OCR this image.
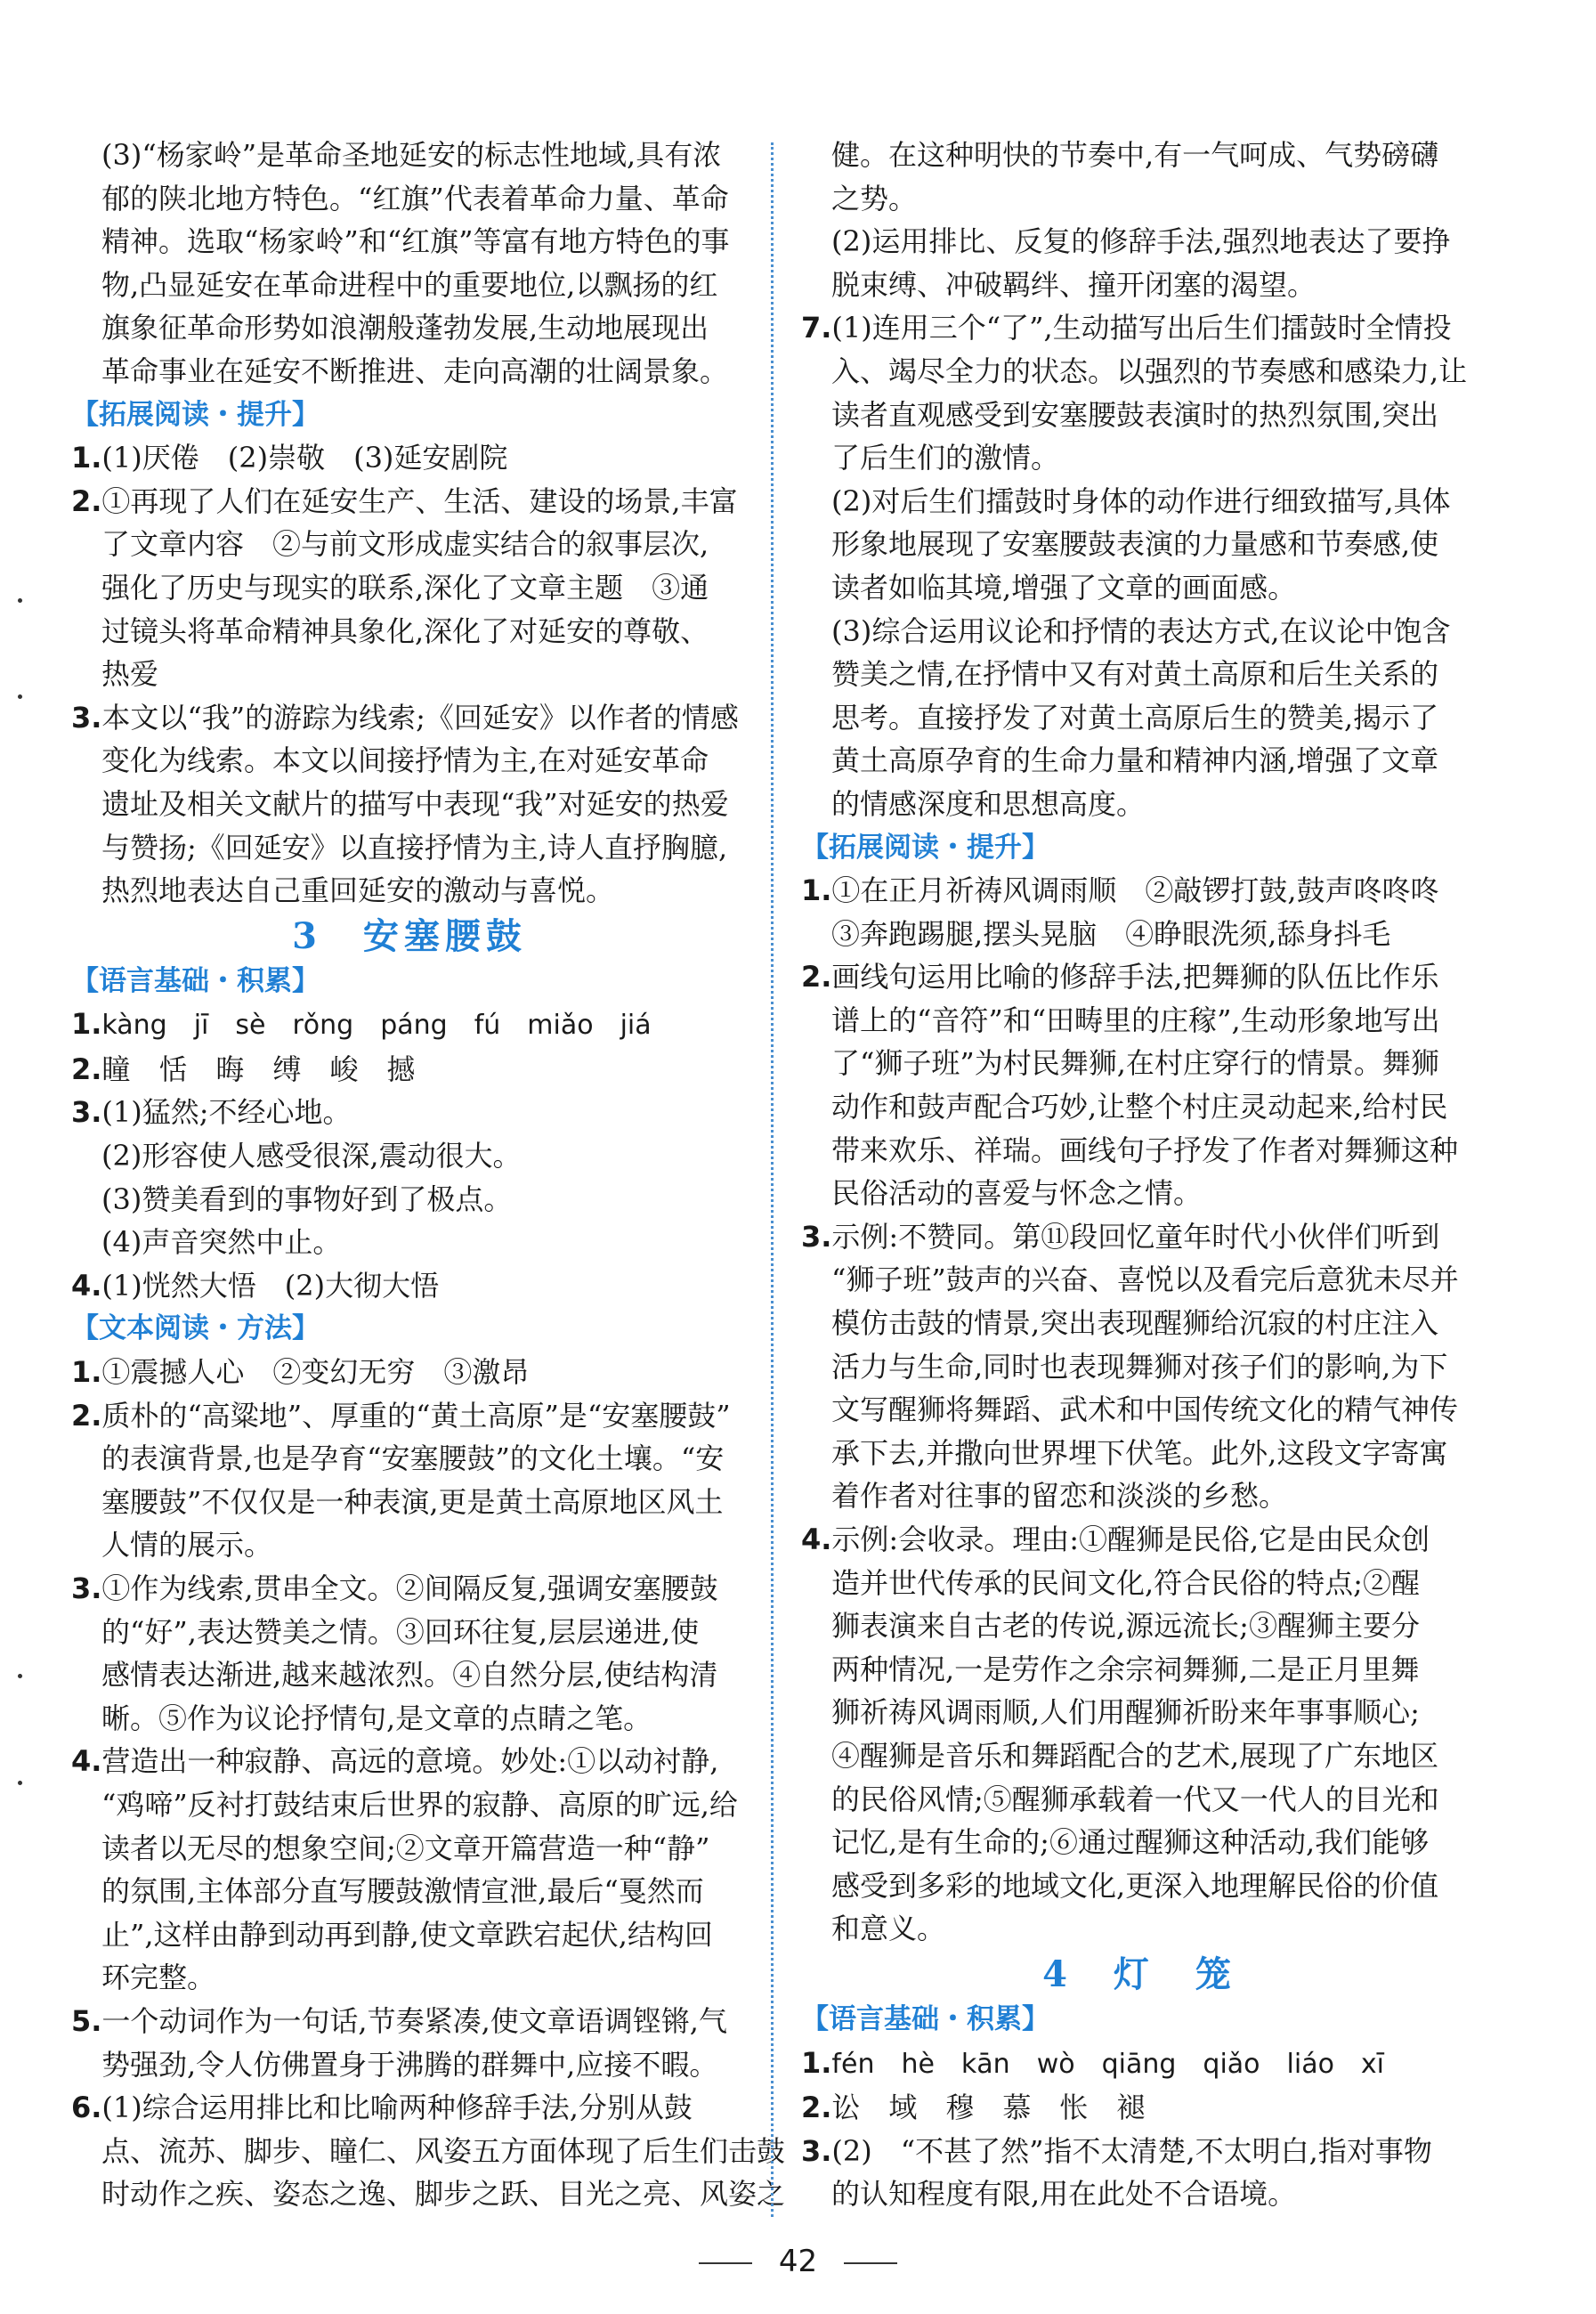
(3)“杨家岭”是革命圣地延安的标志性地域,具有浓
郁的陕北地方特色。“红旗”代表着革命力量、革命
精神。选取“杨家岭”和“红旗”等富有地方特色的事
物,凸显延安在革命进程中的重要地位,以飘扬的红
旗象征革命形势如浪潮般蓬勃发展,生动地展现出
革命事业在延安不断推进、走向高潮的壮阔景象。
【拓展阅读・提升】
1.(1)厌倦　(2)崇敬　(3)延安剧院
2.①再现了人们在延安生产、生活、建设的场景,丰富
了文章内容　②与前文形成虚实结合的叙事层次,
强化了历史与现实的联系,深化了文章主题　③通
过镜头将革命精神具象化,深化了对延安的尊敬、
热爱
3.本文以“我”的游踪为线索;《回延安》以作者的情感
变化为线索。本文以间接抒情为主,在对延安革命
遗址及相关文献片的描写中表现“我”对延安的热爱
与赞扬;《回延安》以直接抒情为主,诗人直抒胸臆,
热烈地表达自己重回延安的激动与喜悦。
3　安塞腰鼓
【语言基础・积累】
1.kàng　jī　sè　rǒng　páng　fú　miǎo　jiá
2.瞳　恬　晦　缚　峻　撼
3.(1)猛然;不经心地。
(2)形容使人感受很深,震动很大。
(3)赞美看到的事物好到了极点。
(4)声音突然中止。
4.(1)恍然大悟　(2)大彻大悟
【文本阅读・方法】
1.①震撼人心　②变幻无穷　③激昂
2.质朴的“高粱地”、厚重的“黄土高原”是“安塞腰鼓”
的表演背景,也是孕育“安塞腰鼓”的文化土壤。“安
塞腰鼓”不仅仅是一种表演,更是黄土高原地区风土
人情的展示。
3.①作为线索,贯串全文。②间隔反复,强调安塞腰鼓
的“好”,表达赞美之情。③回环往复,层层递进,使
感情表达渐进,越来越浓烈。④自然分层,使结构清
晰。⑤作为议论抒情句,是文章的点睛之笔。
4.营造出一种寂静、高远的意境。妙处:①以动衬静,
“鸡啼”反衬打鼓结束后世界的寂静、高原的旷远,给
读者以无尽的想象空间;②文章开篇营造一种“静”
的氛围,主体部分直写腰鼓激情宣泄,最后“戛然而
止”,这样由静到动再到静,使文章跌宕起伏,结构回
环完整。
5.一个动词作为一句话,节奏紧凑,使文章语调铿锵,气
势强劲,令人仿佛置身于沸腾的群舞中,应接不暇。
6.(1)综合运用排比和比喻两种修辞手法,分别从鼓
点、流苏、脚步、瞳仁、风姿五方面体现了后生们击鼓
时动作之疾、姿态之逸、脚步之跃、目光之亮、风姿之
健。在这种明快的节奏中,有一气呵成、气势磅礴
之势。
(2)运用排比、反复的修辞手法,强烈地表达了要挣
脱束缚、冲破羁绊、撞开闭塞的渴望。
7.(1)连用三个“了”,生动描写出后生们擂鼓时全情投
入、竭尽全力的状态。以强烈的节奏感和感染力,让
读者直观感受到安塞腰鼓表演时的热烈氛围,突出
了后生们的激情。
(2)对后生们擂鼓时身体的动作进行细致描写,具体
形象地展现了安塞腰鼓表演的力量感和节奏感,使
读者如临其境,增强了文章的画面感。
(3)综合运用议论和抒情的表达方式,在议论中饱含
赞美之情,在抒情中又有对黄土高原和后生关系的
思考。直接抒发了对黄土高原后生的赞美,揭示了
黄土高原孕育的生命力量和精神内涵,增强了文章
的情感深度和思想高度。
【拓展阅读・提升】
1.①在正月祈祷风调雨顺　②敲锣打鼓,鼓声咚咚咚
③奔跑踢腿,摆头晃脑　④睁眼洗须,舔身抖毛
2.画线句运用比喻的修辞手法,把舞狮的队伍比作乐
谱上的“音符”和“田畴里的庄稼”,生动形象地写出
了“狮子班”为村民舞狮,在村庄穿行的情景。舞狮
动作和鼓声配合巧妙,让整个村庄灵动起来,给村民
带来欢乐、祥瑞。画线句子抒发了作者对舞狮这种
民俗活动的喜爱与怀念之情。
3.示例:不赞同。第⑪段回忆童年时代小伙伴们听到
“狮子班”鼓声的兴奋、喜悦以及看完后意犹未尽并
模仿击鼓的情景,突出表现醒狮给沉寂的村庄注入
活力与生命,同时也表现舞狮对孩子们的影响,为下
文写醒狮将舞蹈、武术和中国传统文化的精气神传
承下去,并撒向世界埋下伏笔。此外,这段文字寄寓
着作者对往事的留恋和淡淡的乡愁。
4.示例:会收录。理由:①醒狮是民俗,它是由民众创
造并世代传承的民间文化,符合民俗的特点;②醒
狮表演来自古老的传说,源远流长;③醒狮主要分
两种情况,一是劳作之余宗祠舞狮,二是正月里舞
狮祈祷风调雨顺,人们用醒狮祈盼来年事事顺心;
④醒狮是音乐和舞蹈配合的艺术,展现了广东地区
的民俗风情;⑤醒狮承载着一代又一代人的目光和
记忆,是有生命的;⑥通过醒狮这种活动,我们能够
感受到多彩的地域文化,更深入地理解民俗的价值
和意义。
4　灯　笼
【语言基础・积累】
1.fén　hè　kān　wò　qiāng　qiǎo　liáo　xī
2.讼　域　穆　慕　怅　褪
3.(2)　“不甚了然”指不太清楚,不太明白,指对事物
的认知程度有限,用在此处不合语境。
42
